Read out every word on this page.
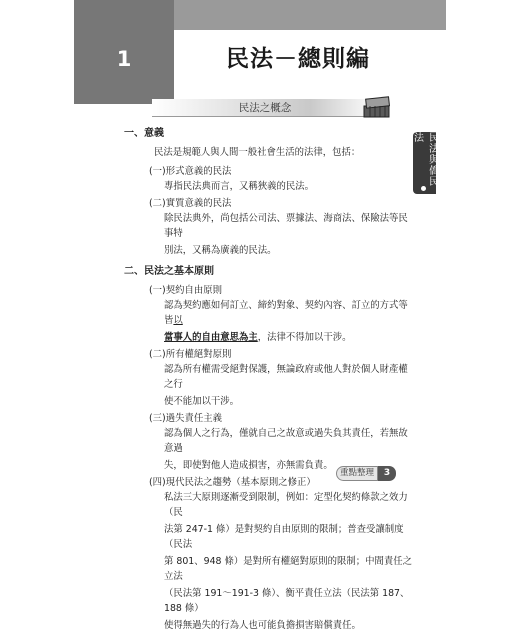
1	民法－總則編
民法之概念
民法與僑民法
一、意義
民法是規範人與人間一般社會生活的法律，包括：
(一)形式意義的民法
專指民法典而言，又稱狹義的民法。
(二)實質意義的民法
除民法典外，尚包括公司法、票據法、海商法、保險法等民事特
別法，又稱為廣義的民法。
二、民法之基本原則
(一)契約自由原則
認為契約應如何訂立、締約對象、契約內容、訂立的方式等皆以
當事人的自由意思為主，法律不得加以干涉。
(二)所有權絕對原則
認為所有權需受絕對保護，無論政府或他人對於個人財產權之行
使不能加以干涉。
(三)過失責任主義
認為個人之行為，僅就自己之故意或過失負其責任，若無故意過
失，即使對他人造成損害，亦無需負責。
(四)現代民法之趨勢（基本原則之修正）
私法三大原則逐漸受到限制，例如：定型化契約條款之效力（民
法第 247-1 條）是對契約自由原則的限制；普查受讓制度（民法
第 801、948 條）是對所有權絕對原則的限制；中間責任之立法
（民法第 191～191-3 條）、衡平責任立法（民法第 187、188 條）
使得無過失的行為人也可能負擔損害賠償責任。
重點整理	3
